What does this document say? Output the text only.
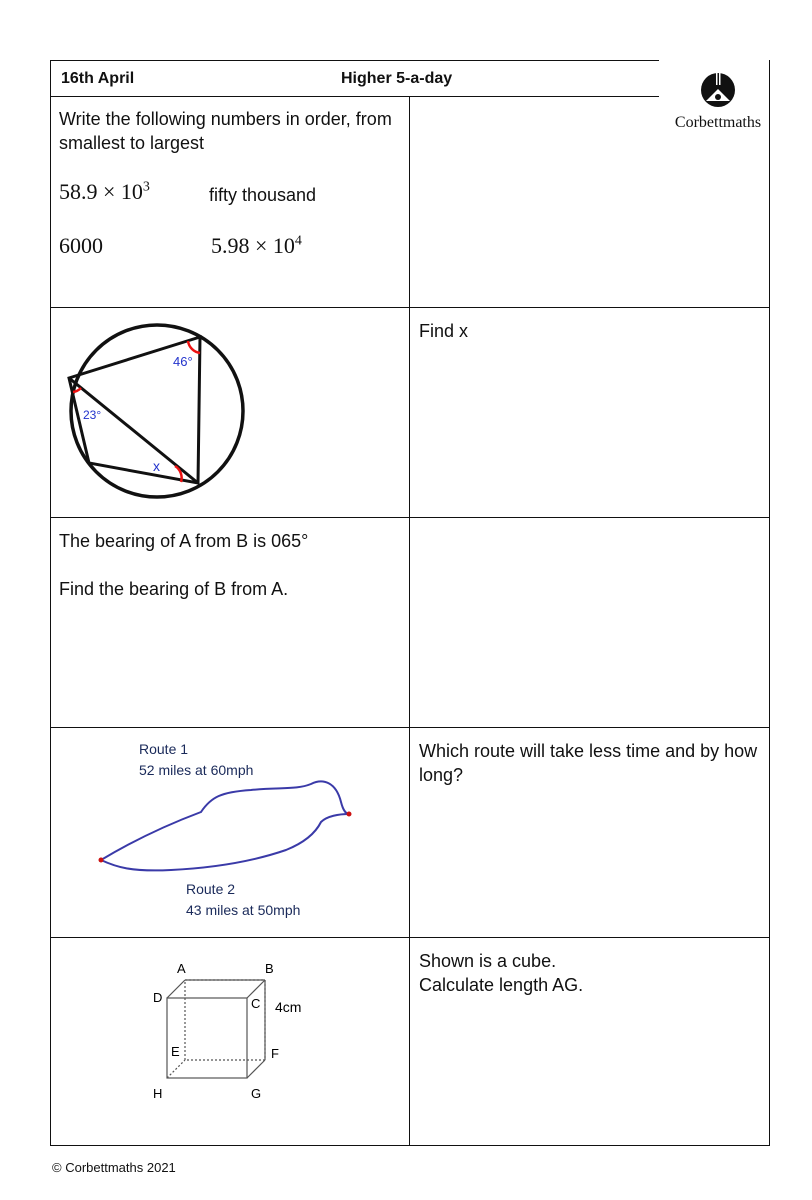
16th April	Higher 5-a-day
Corbettmaths
Write the following numbers in order, from smallest to largest
$58.9 \times 10^3$	fifty thousand
6000	$5.98 \times 10^4$
46°
23°
x
Find x
The bearing of A from B is 065°
Find the bearing of B from A.
Route 1
52 miles at 60mph
Route 2
43 miles at 50mph
Which route will take less time and by how long?
A	B
C
D
E	F
G
H
4cm
Shown is a cube.
Calculate length AG.
© Corbettmaths 2021
